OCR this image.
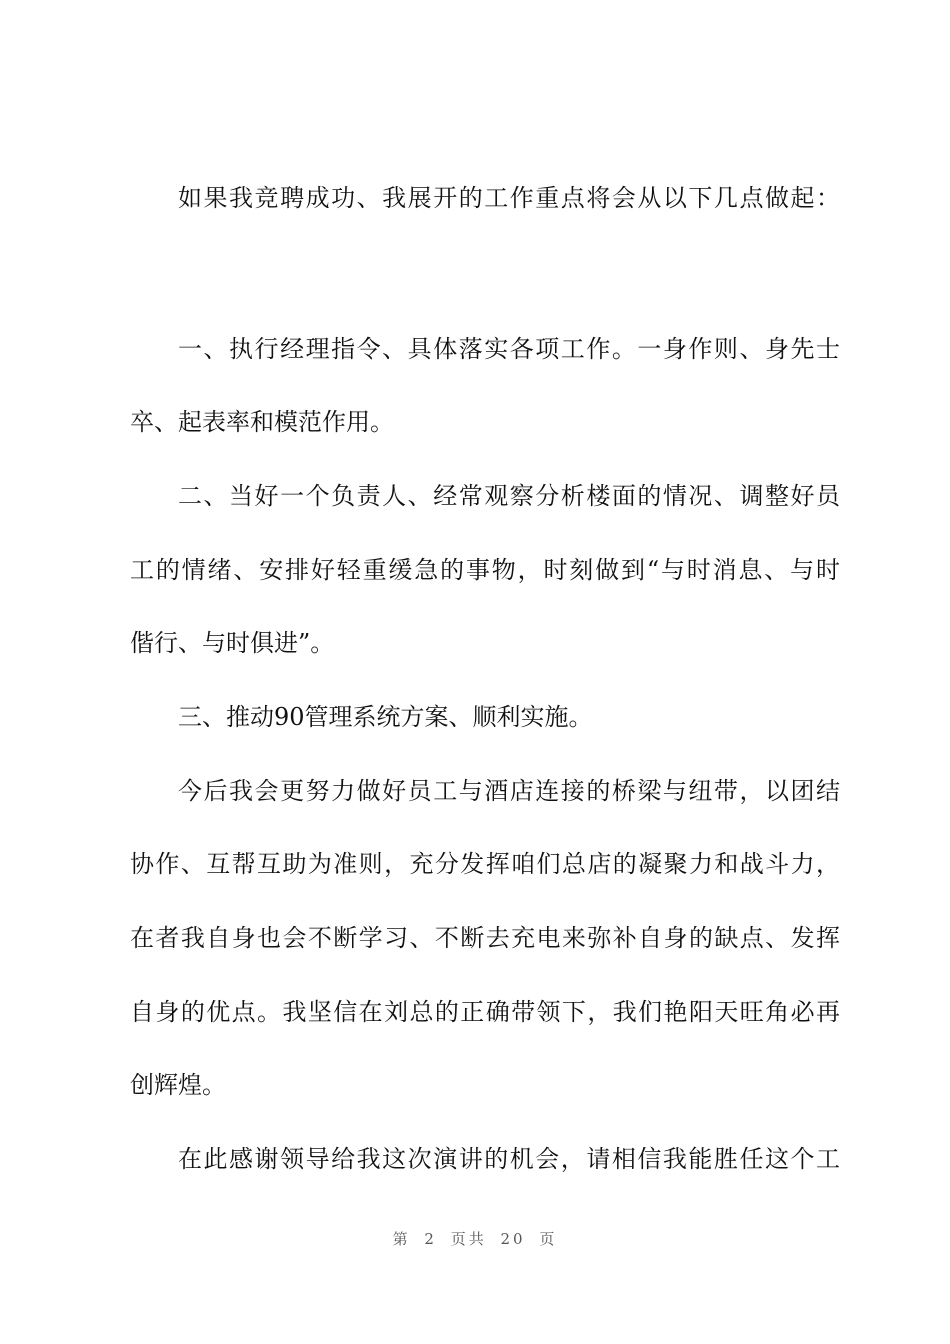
如果我竞聘成功、我展开的工作重点将会从以下几点做起：
一、执行经理指令、具体落实各项工作。一身作则、身先士
卒、起表率和模范作用。
二、当好一个负责人、经常观察分析楼面的情况、调整好员
工的情绪、安排好轻重缓急的事物，时刻做到“与时消息、与时
偕行、与时俱进”。
三、推动90管理系统方案、顺利实施。
今后我会更努力做好员工与酒店连接的桥梁与纽带，以团结
协作、互帮互助为准则，充分发挥咱们总店的凝聚力和战斗力，
在者我自身也会不断学习、不断去充电来弥补自身的缺点、发挥
自身的优点。我坚信在刘总的正确带领下，我们艳阳天旺角必再
创辉煌。
在此感谢领导给我这次演讲的机会，请相信我能胜任这个工
第 2 页共 20 页
